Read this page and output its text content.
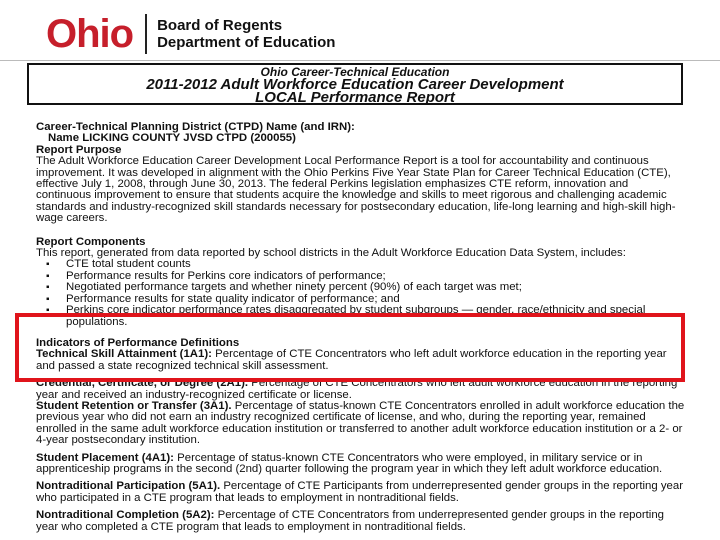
Ohio Board of Regents
Department of Education
Ohio Career-Technical Education
2011-2012 Adult Workforce Education Career Development
LOCAL Performance Report

Career-Technical Planning District (CTPD) Name (and IRN):

Name LICKING COUNTY JVSD CTPD (200055)

Report Purpose

The Adult Workforce Education Career Development Local Performance Report is a tool for accountability and continuous improvement. It was developed in alignment with the Ohio Perkins Five Year State Plan for Career Technical Education (CTE), effective July 1, 2008, through June 30, 2013. The federal Perkins legislation emphasizes CTE reform, innovation and continuous improvement to ensure that students acquire the knowledge and skills to meet rigorous and challenging academic standards and industry-recognized skill standards necessary for postsecondary education, life-long learning and high-skill high-wage careers.

Report Components

This report, generated from data reported by school districts in the Adult Workforce Education Data System, includes:

▪ CTE total student counts
▪ Performance results for Perkins core indicators of performance;
▪ Negotiated performance targets and whether ninety percent (90%) of each target was met;
▪ Performance results for state quality indicator of performance; and
▪ Perkins core indicator performance rates disaggregated by student subgroups — gender, race/ethnicity and special populations.

Indicators of Performance Definitions

Technical Skill Attainment (1A1): Percentage of CTE Concentrators who left adult workforce education in the reporting year and passed a state recognized technical skill assessment.

Credential, Certificate, or Degree (2A1). Percentage of CTE Concentrators who left adult workforce education in the reporting year and received an industry-recognized certificate or license.

Student Retention or Transfer (3A1). Percentage of status-known CTE Concentrators enrolled in adult workforce education the previous year who did not earn an industry recognized certificate of license, and who, during the reporting year, remained enrolled in the same adult workforce education institution or transferred to another adult workforce education institution or a 2- or 4-year postsecondary institution.

Student Placement (4A1): Percentage of status-known CTE Concentrators who were employed, in military service or in apprenticeship programs in the second (2nd) quarter following the program year in which they left adult workforce education.

Nontraditional Participation (5A1). Percentage of CTE Participants from underrepresented gender groups in the reporting year who participated in a CTE program that leads to employment in nontraditional fields.

Nontraditional Completion (5A2): Percentage of CTE Concentrators from underrepresented gender groups in the reporting year who completed a CTE program that leads to employment in nontraditional fields.
